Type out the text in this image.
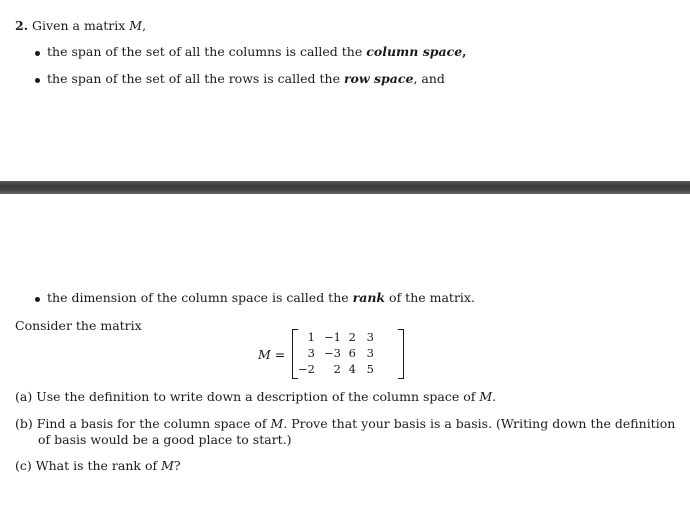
2. Given a matrix M,
the span of the set of all the columns is called the column space,
the span of the set of all the rows is called the row space, and
the dimension of the column space is called the rank of the matrix.
Consider the matrix
M =
1 −1 2 3
3 −3 6 3
−2	2 4 5
(a) Use the definition to write down a description of the column space of M.
(b) Find a basis for the column space of M. Prove that your basis is a basis. (Writing down the definition
of basis would be a good place to start.)
(c) What is the rank of M?
